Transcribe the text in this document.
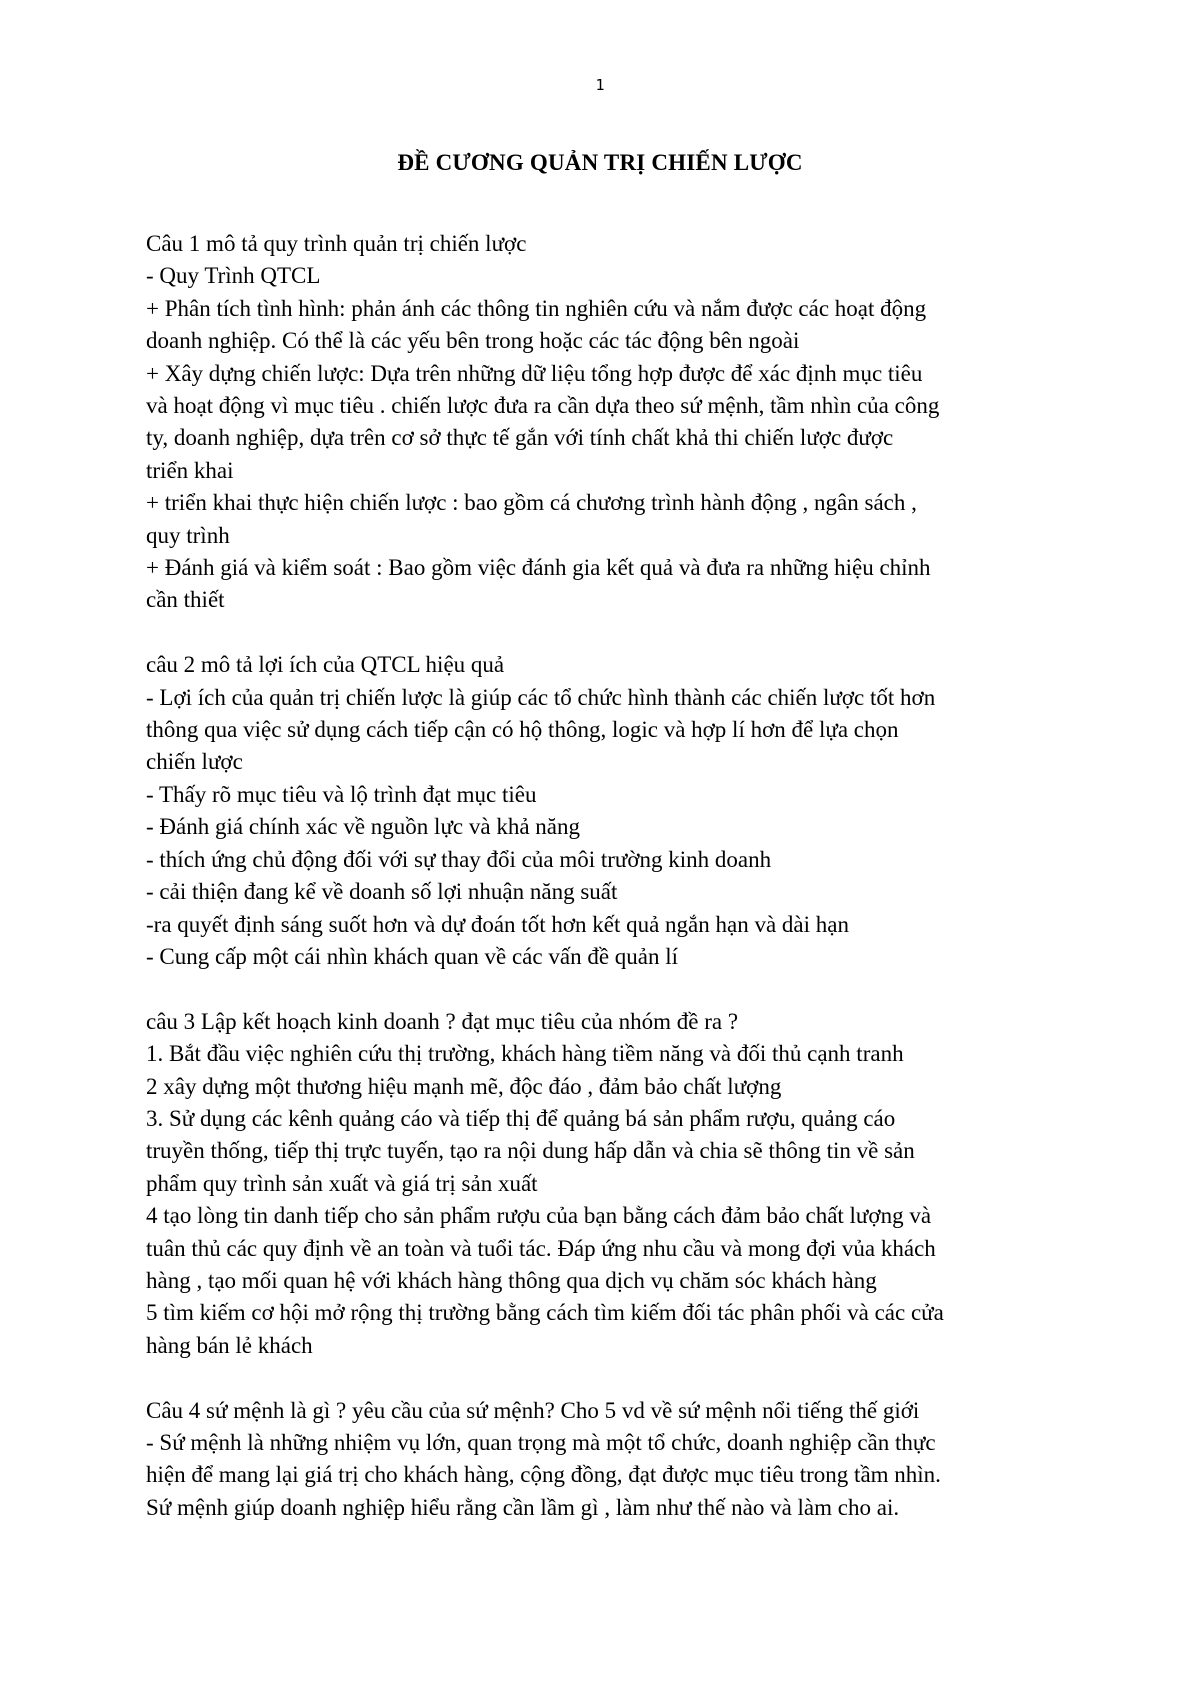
1
ĐỀ CƯƠNG QUẢN TRỊ CHIẾN LƯỢC
Câu 1 mô tả quy trình quản trị chiến lược
- Quy Trình QTCL
+ Phân tích tình hình: phản ánh các thông tin nghiên cứu và nắm được các hoạt động
doanh nghiệp. Có thể là các yếu bên trong hoặc các tác động bên ngoài
+ Xây dựng chiến lược: Dựa trên những dữ liệu tổng hợp được để xác định mục tiêu
và hoạt động vì mục tiêu . chiến lược đưa ra cần dựa theo sứ mệnh, tầm nhìn của công
ty, doanh nghiệp, dựa trên cơ sở thực tế gắn với tính chất khả thi chiến lược được
triển khai
+ triển khai thực hiện chiến lược : bao gồm cá chương trình hành động , ngân sách ,
quy trình
+ Đánh giá và kiểm soát : Bao gồm việc đánh gia kết quả và đưa ra những hiệu chỉnh
cần thiết
câu 2 mô tả lợi ích của QTCL hiệu quả
- Lợi ích của quản trị chiến lược là giúp các tổ chức hình thành các chiến lược tốt hơn
thông qua việc sử dụng cách tiếp cận có hộ thông, logic và hợp lí hơn để lựa chọn
chiến lược
- Thấy rõ mục tiêu và lộ trình đạt mục tiêu
- Đánh giá chính xác về nguồn lực và khả năng
- thích ứng chủ động đối với sự thay đổi của môi trường kinh doanh
- cải thiện đang kể về doanh số lợi nhuận năng suất
-ra quyết định sáng suốt hơn và dự đoán tốt hơn kết quả ngắn hạn và dài hạn
- Cung cấp một cái nhìn khách quan về các vấn đề quản lí
câu 3 Lập kết hoạch kinh doanh ? đạt mục tiêu của nhóm đề ra ?
1. Bắt đầu việc nghiên cứu thị trường, khách hàng tiềm năng và đối thủ cạnh tranh
2 xây dựng một thương hiệu mạnh mẽ, độc đáo , đảm bảo chất lượng
3. Sử dụng các kênh quảng cáo và tiếp thị để quảng bá sản phẩm rượu, quảng cáo
truyền thống, tiếp thị trực tuyến, tạo ra nội dung hấp dẫn và chia sẽ thông tin về sản
phẩm quy trình sản xuất và giá trị sản xuất
4 tạo lòng tin danh tiếp cho sản phẩm rượu của bạn bằng cách đảm bảo chất lượng và
tuân thủ các quy định về an toàn và tuổi tác. Đáp ứng nhu cầu và mong đợi vủa khách
hàng , tạo mối quan hệ với khách hàng thông qua dịch vụ chăm sóc khách hàng
5 tìm kiếm cơ hội mở rộng thị trường bằng cách tìm kiếm đối tác phân phối và các cửa
hàng bán lẻ khách
Câu 4 sứ mệnh là gì ? yêu cầu của sứ mệnh? Cho 5 vd về sứ mệnh nổi tiếng thế giới
- Sứ mệnh là những nhiệm vụ lớn, quan trọng mà một tổ chức, doanh nghiệp cần thực
hiện để mang lại giá trị cho khách hàng, cộng đồng, đạt được mục tiêu trong tầm nhìn.
Sứ mệnh giúp doanh nghiệp hiểu rằng cần lầm gì , làm như thế nào và làm cho ai.
